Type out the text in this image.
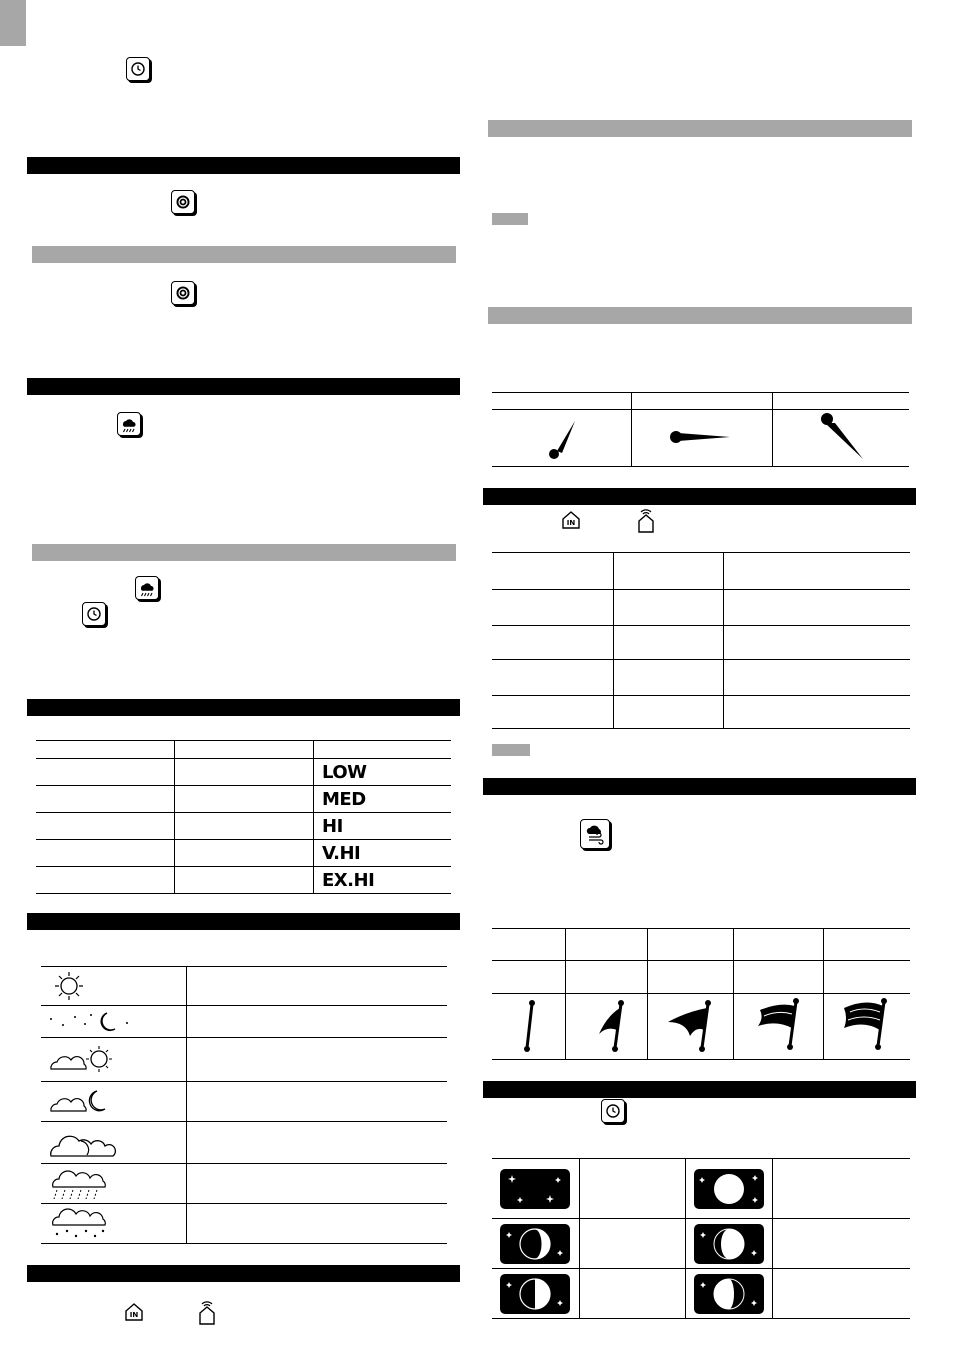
		LOW
		MED
		HI
		V.HI
		EX.HI

IN

IN
